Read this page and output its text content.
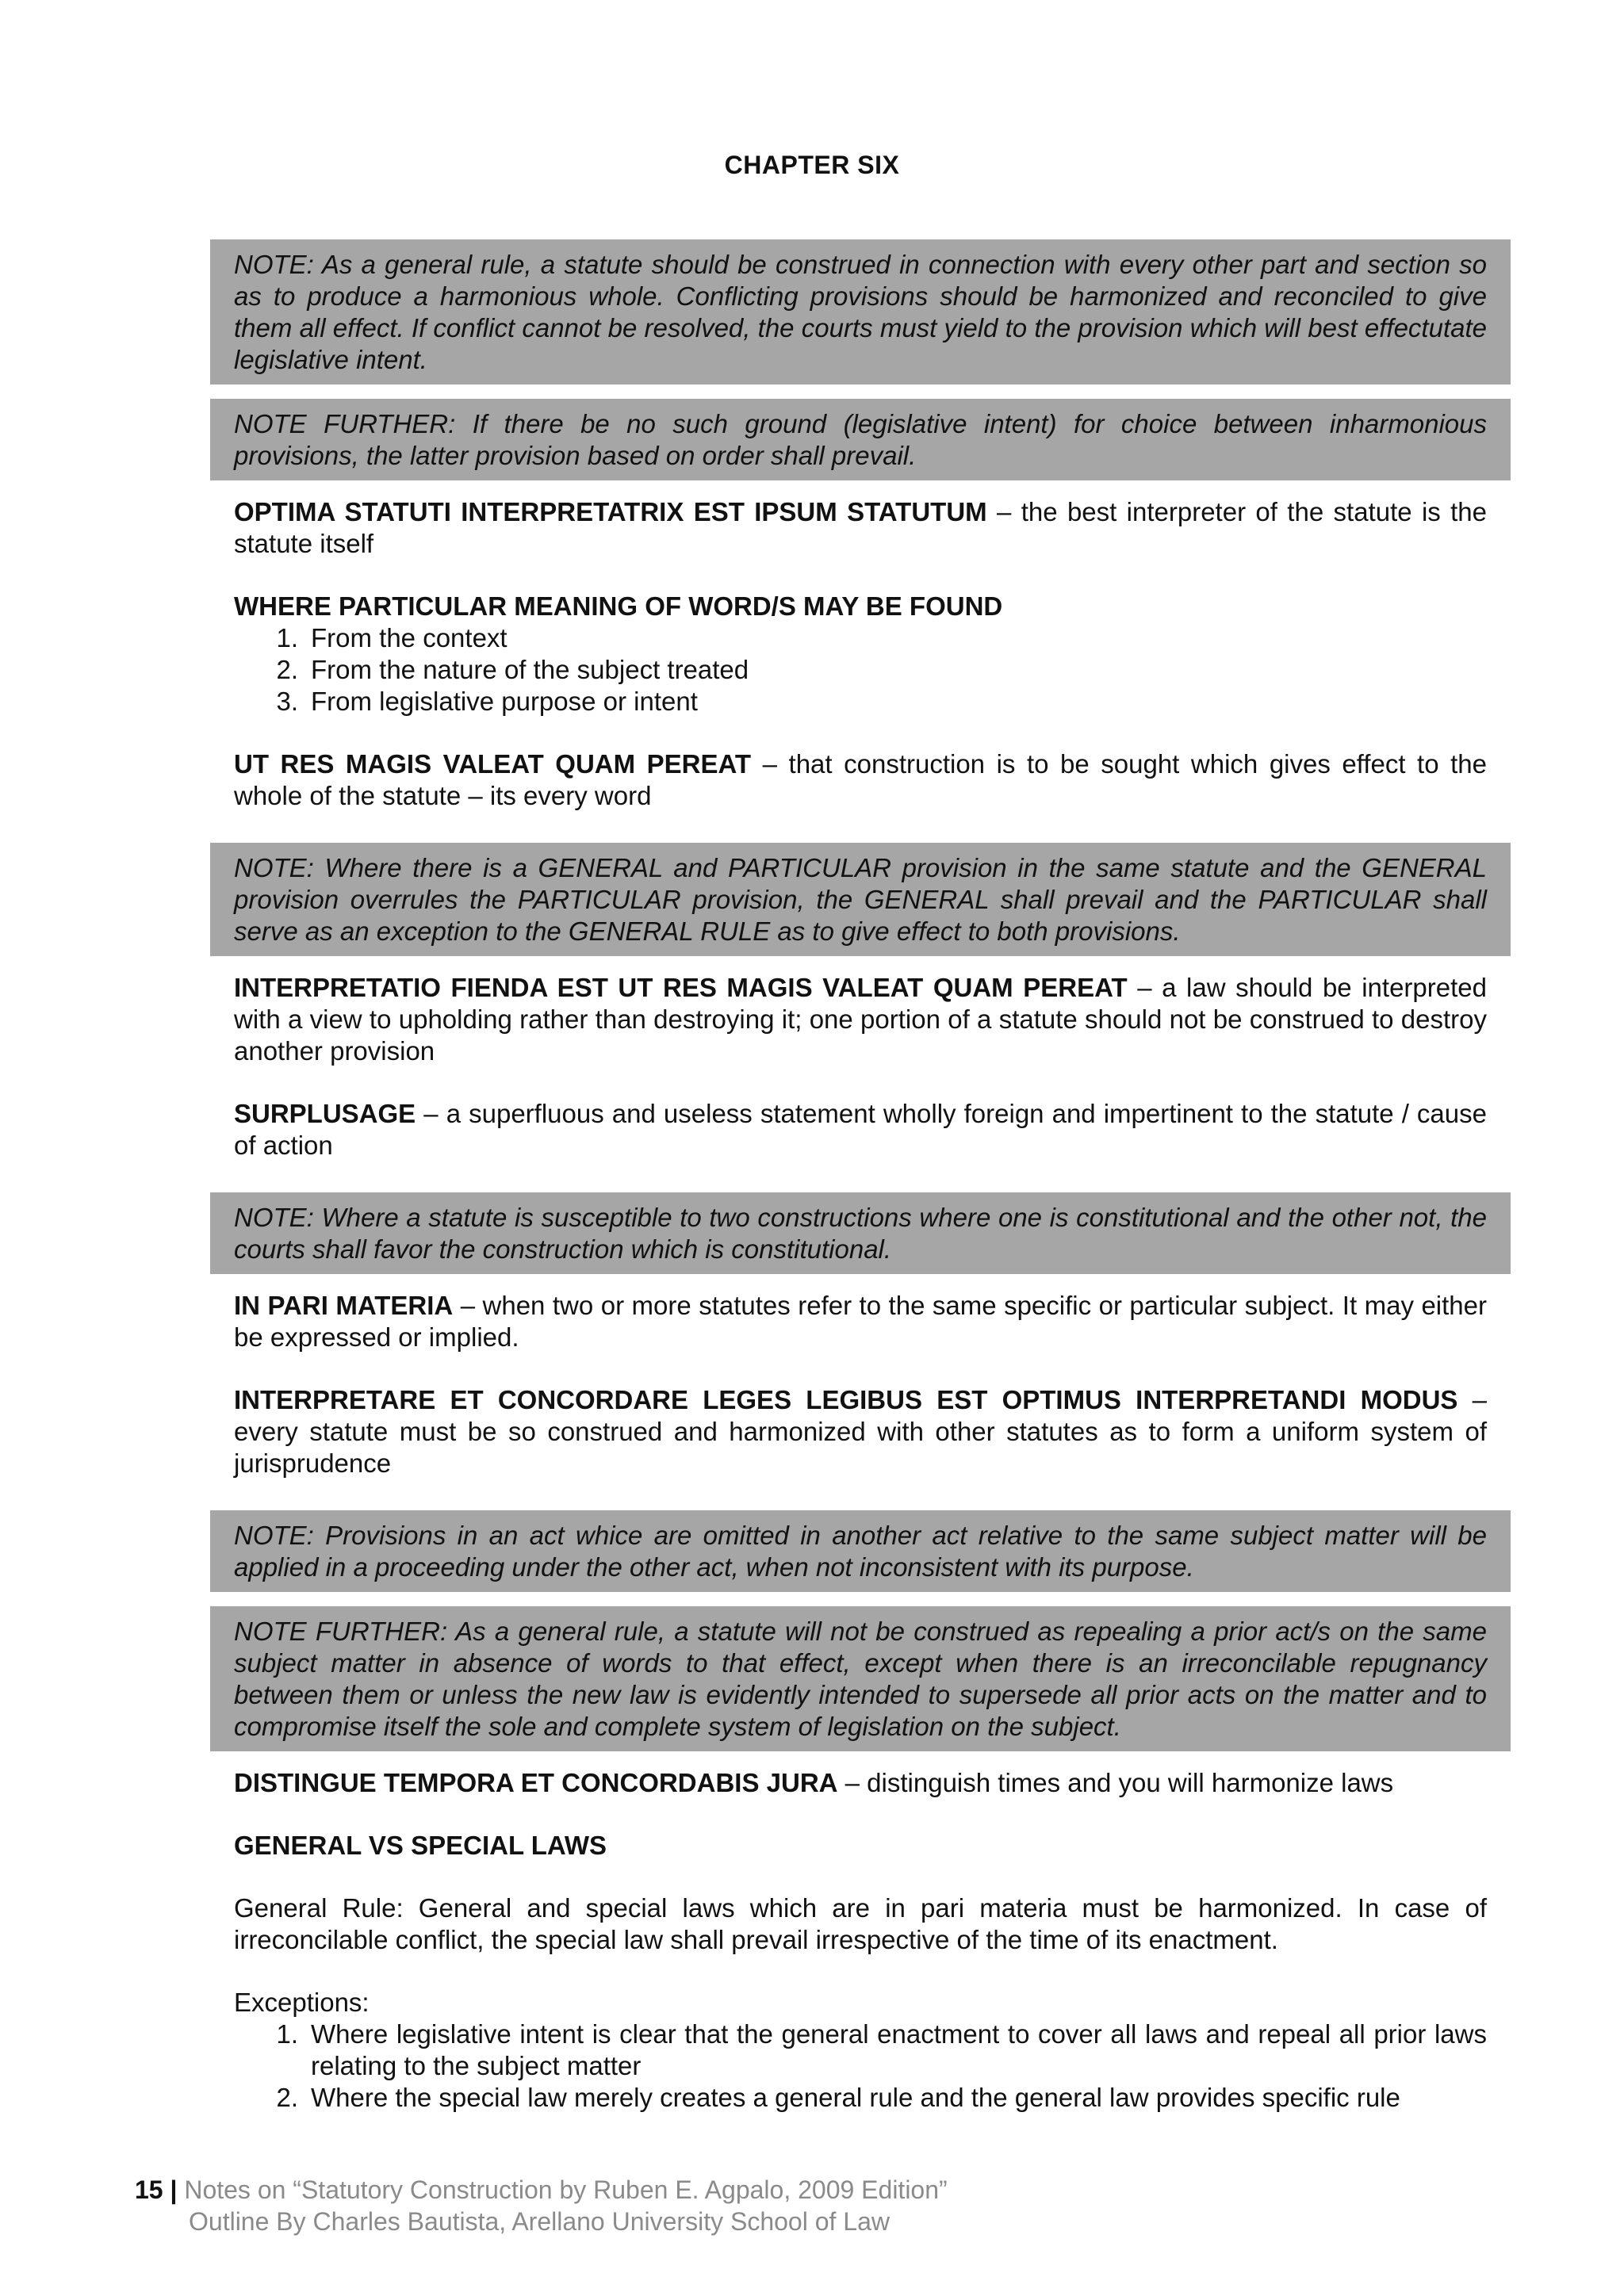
CHAPTER SIX
NOTE: As a general rule, a statute should be construed in connection with every other part and section so as to produce a harmonious whole. Conflicting provisions should be harmonized and reconciled to give them all effect. If conflict cannot be resolved, the courts must yield to the provision which will best effectutate legislative intent.
NOTE FURTHER: If there be no such ground (legislative intent) for choice between inharmonious provisions, the latter provision based on order shall prevail.
OPTIMA STATUTI INTERPRETATRIX EST IPSUM STATUTUM – the best interpreter of the statute is the statute itself
WHERE PARTICULAR MEANING OF WORD/S MAY BE FOUND
1. From the context
2. From the nature of the subject treated
3. From legislative purpose or intent
UT RES MAGIS VALEAT QUAM PEREAT – that construction is to be sought which gives effect to the whole of the statute – its every word
NOTE: Where there is a GENERAL and PARTICULAR provision in the same statute and the GENERAL provision overrules the PARTICULAR provision, the GENERAL shall prevail and the PARTICULAR shall serve as an exception to the GENERAL RULE as to give effect to both provisions.
INTERPRETATIO FIENDA EST UT RES MAGIS VALEAT QUAM PEREAT – a law should be interpreted with a view to upholding rather than destroying it; one portion of a statute should not be construed to destroy another provision
SURPLUSAGE – a superfluous and useless statement wholly foreign and impertinent to the statute / cause of action
NOTE: Where a statute is susceptible to two constructions where one is constitutional and the other not, the courts shall favor the construction which is constitutional.
IN PARI MATERIA – when two or more statutes refer to the same specific or particular subject. It may either be expressed or implied.
INTERPRETARE ET CONCORDARE LEGES LEGIBUS EST OPTIMUS INTERPRETANDI MODUS – every statute must be so construed and harmonized with other statutes as to form a uniform system of jurisprudence
NOTE: Provisions in an act whice are omitted in another act relative to the same subject matter will be applied in a proceeding under the other act, when not inconsistent with its purpose.
NOTE FURTHER: As a general rule, a statute will not be construed as repealing a prior act/s on the same subject matter in absence of words to that effect, except when there is an irreconcilable repugnancy between them or unless the new law is evidently intended to supersede all prior acts on the matter and to compromise itself the sole and complete system of legislation on the subject.
DISTINGUE TEMPORA ET CONCORDABIS JURA – distinguish times and you will harmonize laws
GENERAL VS SPECIAL LAWS
General Rule: General and special laws which are in pari materia must be harmonized. In case of irreconcilable conflict, the special law shall prevail irrespective of the time of its enactment.
Exceptions:
1. Where legislative intent is clear that the general enactment to cover all laws and repeal all prior laws relating to the subject matter
2. Where the special law merely creates a general rule and the general law provides specific rule
15 | Notes on “Statutory Construction by Ruben E. Agpalo, 2009 Edition”
Outline By Charles Bautista, Arellano University School of Law
